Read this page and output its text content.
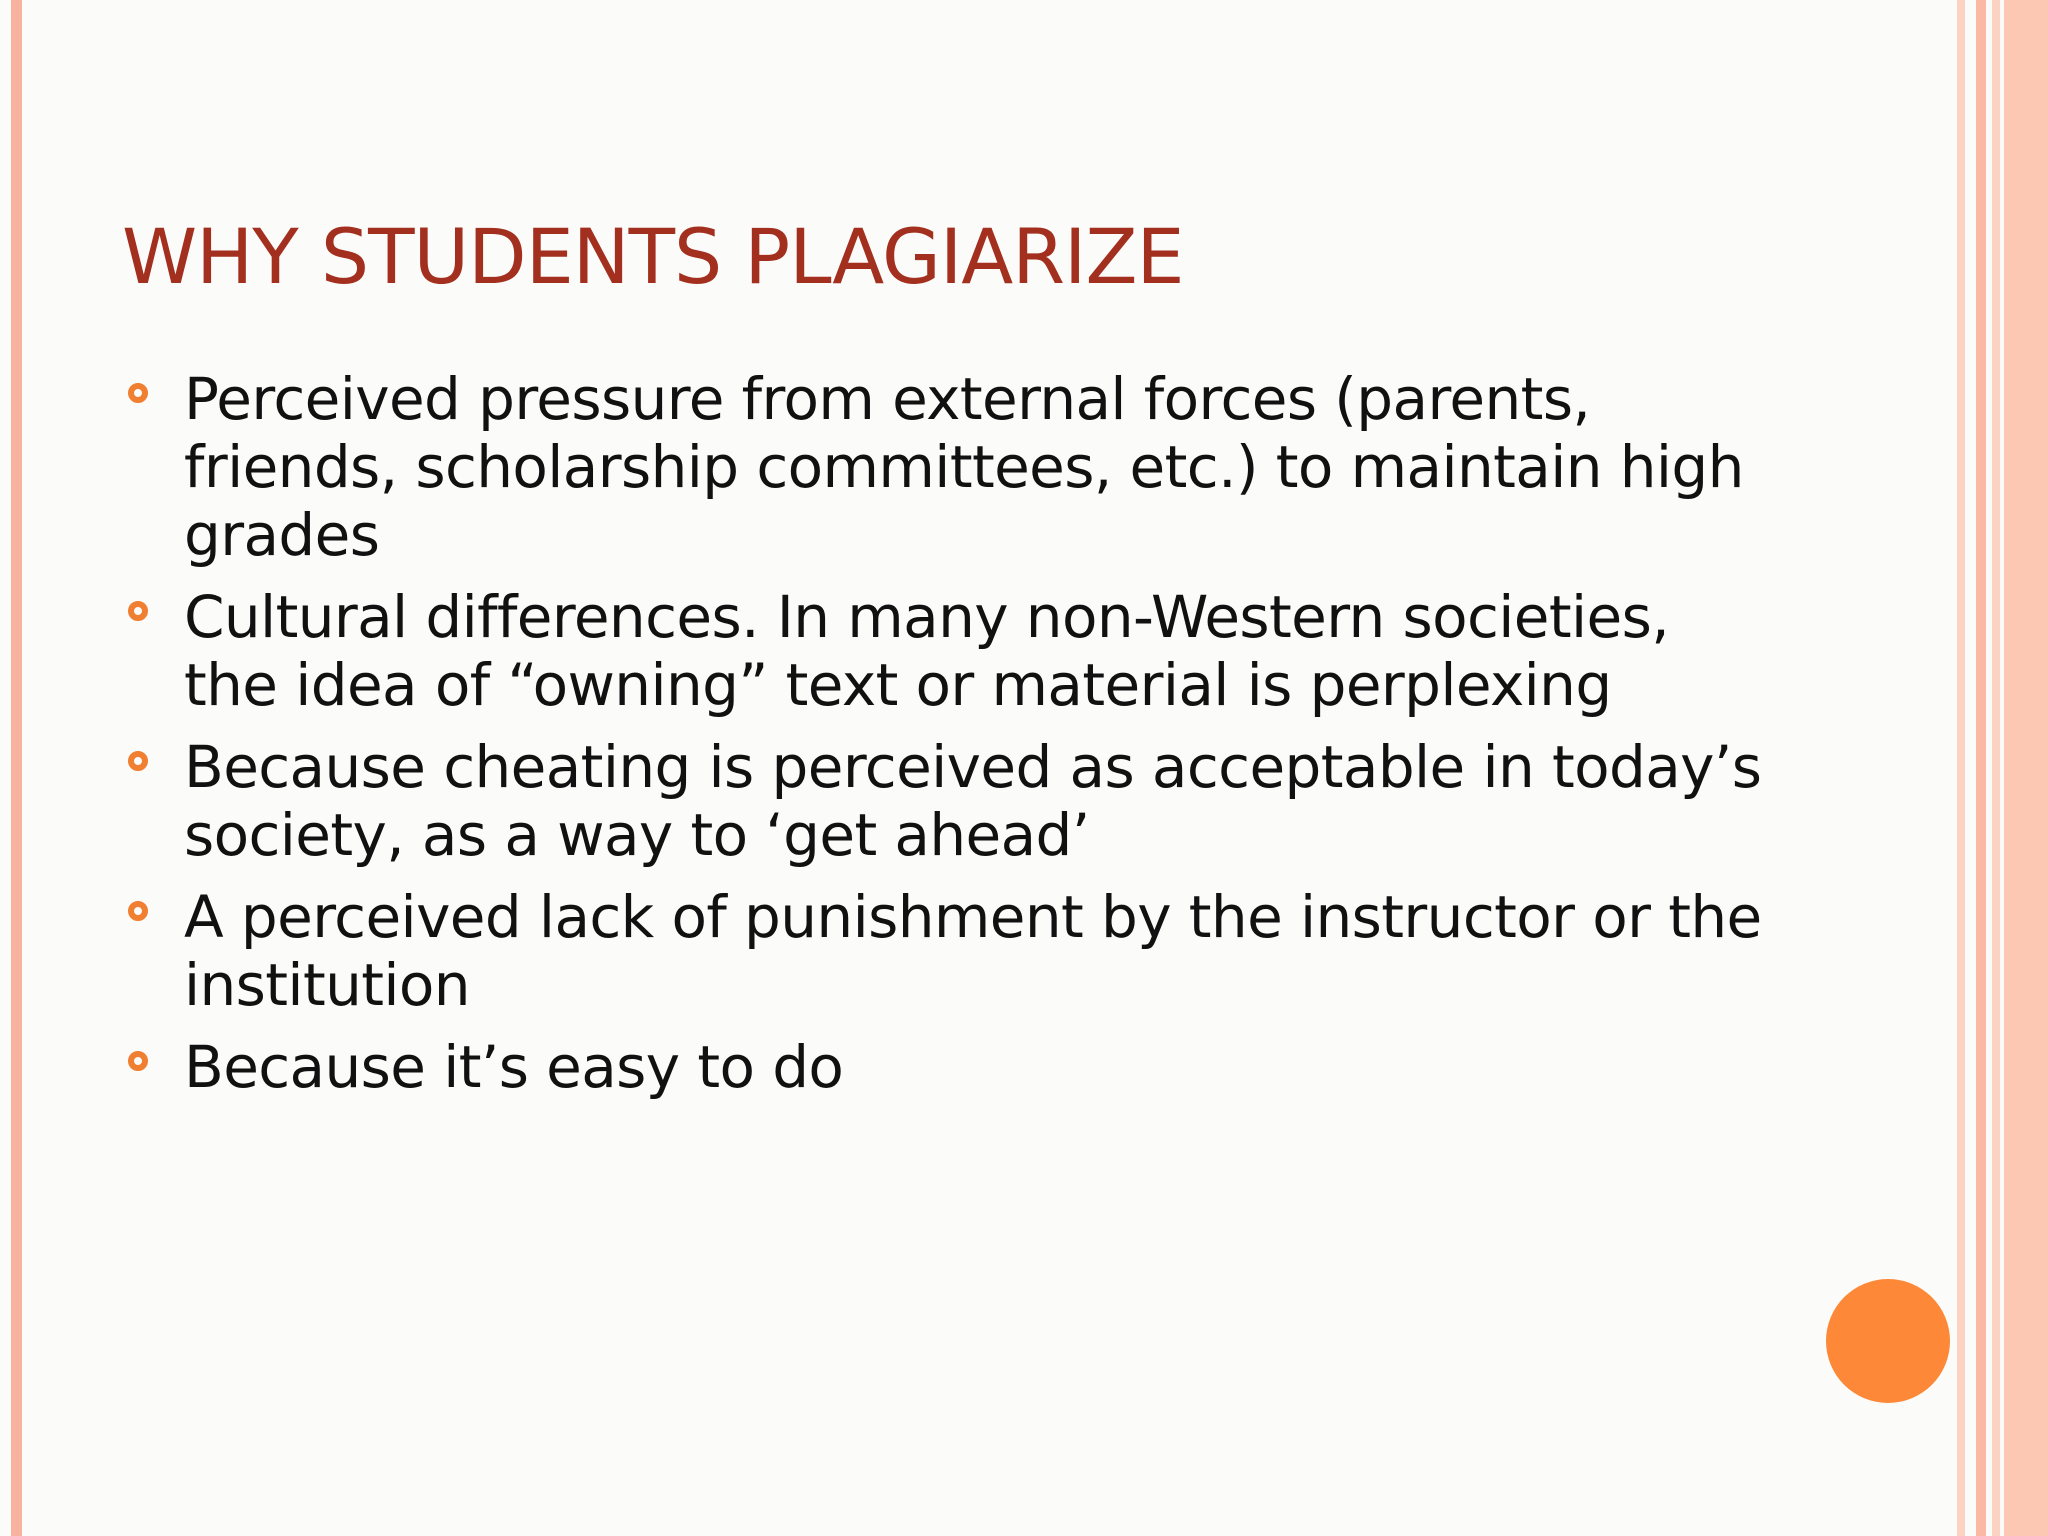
WHY STUDENTS PLAGIARIZE
Perceived pressure from external forces (parents, friends, scholarship committees, etc.) to maintain high grades
Cultural differences. In many non-Western societies, the idea of “owning” text or material is perplexing
Because cheating is perceived as acceptable in today’s society, as a way to ‘get ahead’
A perceived lack of punishment by the instructor or the institution
Because it’s easy to do
